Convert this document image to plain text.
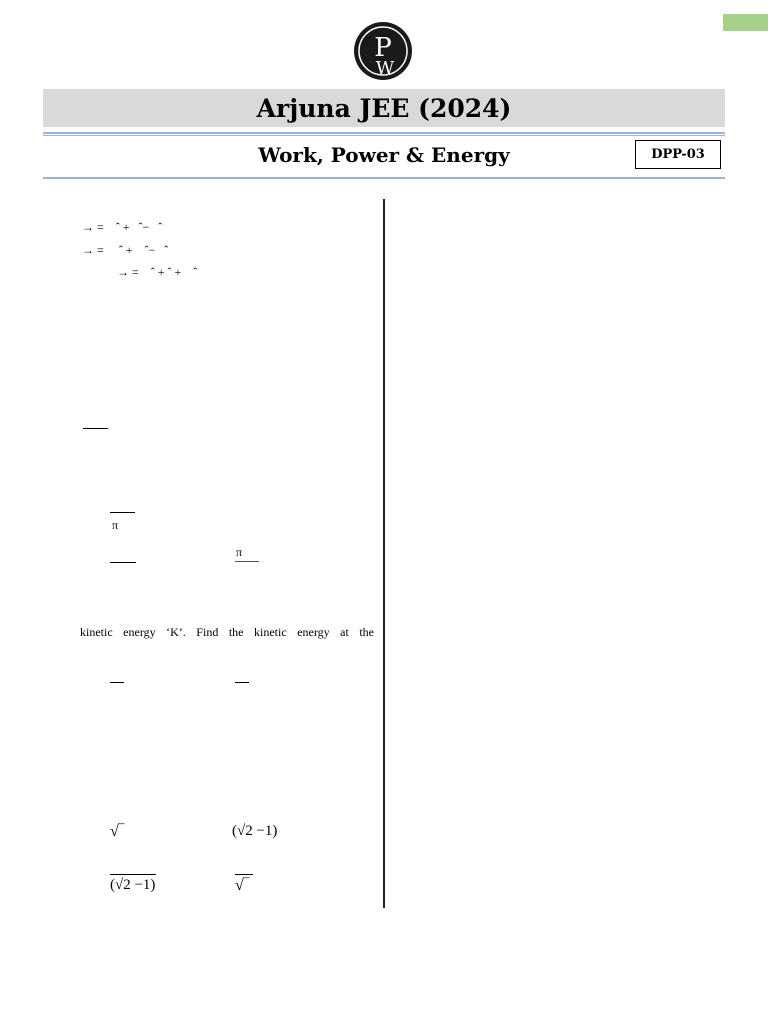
P
W
Arjuna JEE (2024)
Work, Power & Energy	DPP-03
→ =    ˆ +   ˆ−   ˆ
→ =     ˆ +    ˆ−   ˆ
→ =    ˆ + ˆ +    ˆ
π
π
kinetic energy ‘K’. Find the kinetic energy at the
√‾	(√2 −1)
(√2 −1)	√‾
